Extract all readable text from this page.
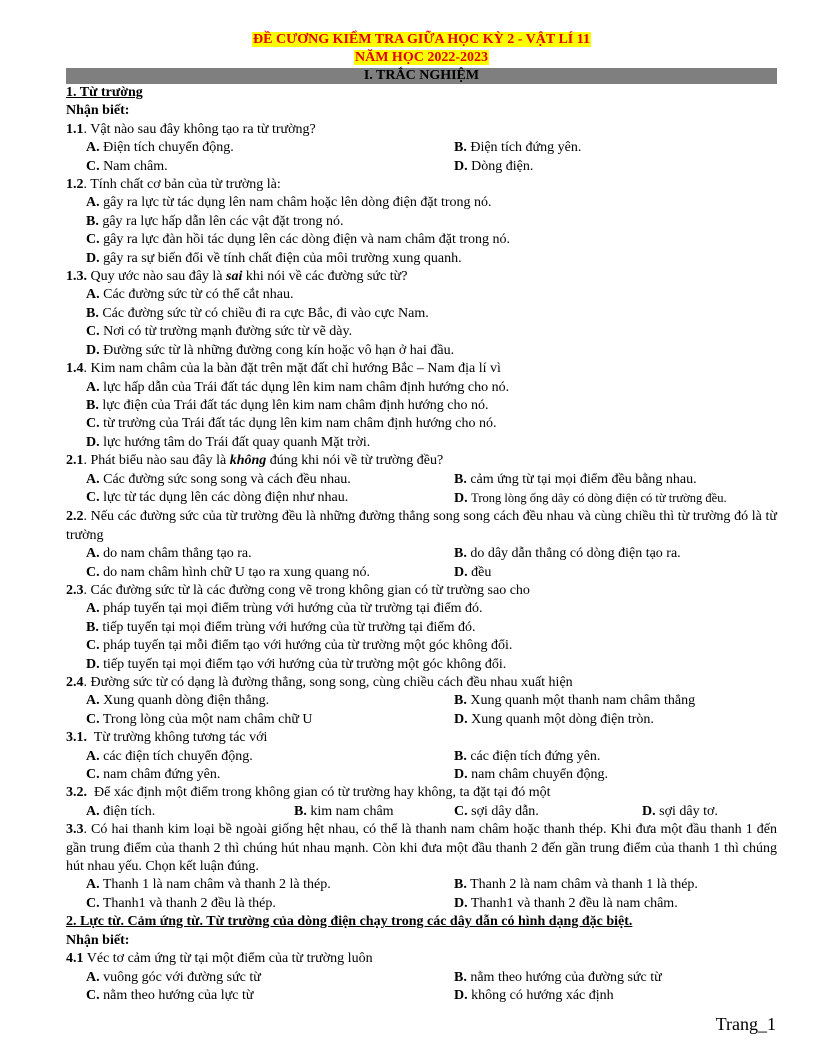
ĐỀ CƯƠNG KIỂM TRA GIỮA HỌC KỲ 2 - VẬT LÍ 11
NĂM HỌC 2022-2023
I. TRẮC NGHIỆM
1. Từ trường
Nhận biết:
1.1. Vật nào sau đây không tạo ra từ trường?
A. Điện tích chuyển động.	B. Điện tích đứng yên.
C. Nam châm.	D. Dòng điện.
1.2. Tính chất cơ bản của từ trường là:
A. gây ra lực từ tác dụng lên nam châm hoặc lên dòng điện đặt trong nó.
B. gây ra lực hấp dẫn lên các vật đặt trong nó.
C. gây ra lực đàn hồi tác dụng lên các dòng điện và nam châm đặt trong nó.
D. gây ra sự biến đổi về tính chất điện của môi trường xung quanh.
1.3. Quy ước nào sau đây là sai khi nói về các đường sức từ?
A. Các đường sức từ có thể cắt nhau.
B. Các đường sức từ có chiều đi ra cực Bắc, đi vào cực Nam.
C. Nơi có từ trường mạnh đường sức từ vẽ dày.
D. Đường sức từ là những đường cong kín hoặc vô hạn ở hai đầu.
1.4. Kim nam châm của la bàn đặt trên mặt đất chỉ hướng Bắc – Nam địa lí vì
A. lực hấp dẫn của Trái đất tác dụng lên kim nam châm định hướng cho nó.
B. lực điện của Trái đất tác dụng lên kim nam châm định hướng cho nó.
C. từ trường của Trái đất tác dụng lên kim nam châm định hướng cho nó.
D. lực hướng tâm do Trái đất quay quanh Mặt trời.
2.1. Phát biểu nào sau đây là không đúng khi nói về từ trường đều?
A. Các đường sức song song và cách đều nhau.	B. cảm ứng từ tại mọi điểm đều bằng nhau.
C. lực từ tác dụng lên các dòng điện như nhau.	D. Trong lòng ống dây có dòng điện có từ trường đều.
2.2. Nếu các đường sức của từ trường đều là những đường thẳng song song cách đều nhau và cùng chiều thì từ trường đó là từ trường
A. do nam châm thẳng tạo ra.	B. do dây dẫn thẳng có dòng điện tạo ra.
C. do nam châm hình chữ U tạo ra xung quang nó.	D. đều
2.3. Các đường sức từ là các đường cong vẽ trong không gian có từ trường sao cho
A. pháp tuyến tại mọi điểm trùng với hướng của từ trường tại điểm đó.
B. tiếp tuyến tại mọi điểm trùng với hướng của từ trường tại điểm đó.
C. pháp tuyến tại mỗi điểm tạo với hướng của từ trường một góc không đổi.
D. tiếp tuyến tại mọi điểm tạo với hướng của từ trường một góc không đổi.
2.4. Đường sức từ có dạng là đường thẳng, song song, cùng chiều cách đều nhau xuất hiện
A. Xung quanh dòng điện thẳng.	B. Xung quanh một thanh nam châm thẳng
C. Trong lòng của một nam châm chữ U	D. Xung quanh một dòng điện tròn.
3.1.  Từ trường không tương tác với
A. các điện tích chuyển động.	B. các điện tích đứng yên.
C. nam châm đứng yên.	D. nam châm chuyển động.
3.2.  Để xác định một điểm trong không gian có từ trường hay không, ta đặt tại đó một
A. điện tích.	B. kim nam châm	C. sợi dây dẫn.	D. sợi dây tơ.
3.3. Có hai thanh kim loại bề ngoài giống hệt nhau, có thể là thanh nam châm hoặc thanh thép. Khi đưa một đầu thanh 1 đến gần trung điểm của thanh 2 thì chúng hút nhau mạnh. Còn khi đưa một đầu thanh 2 đến gần trung điểm của thanh 1 thì chúng hút nhau yếu. Chọn kết luận đúng.
A. Thanh 1 là nam châm và thanh 2 là thép.	B. Thanh 2 là nam châm và thanh 1 là thép.
C. Thanh1 và thanh 2 đều là thép.	D. Thanh1 và thanh 2 đều là nam châm.
2. Lực từ. Cảm ứng từ. Từ trường của dòng điện chạy trong các dây dẫn có hình dạng đặc biệt.
Nhận biết:
4.1 Véc tơ cảm ứng từ tại một điểm của từ trường luôn
A. vuông góc với đường sức từ	B. nằm theo hướng của đường sức từ
C. nằm theo hướng của lực từ	D. không có hướng xác định
Trang_1
